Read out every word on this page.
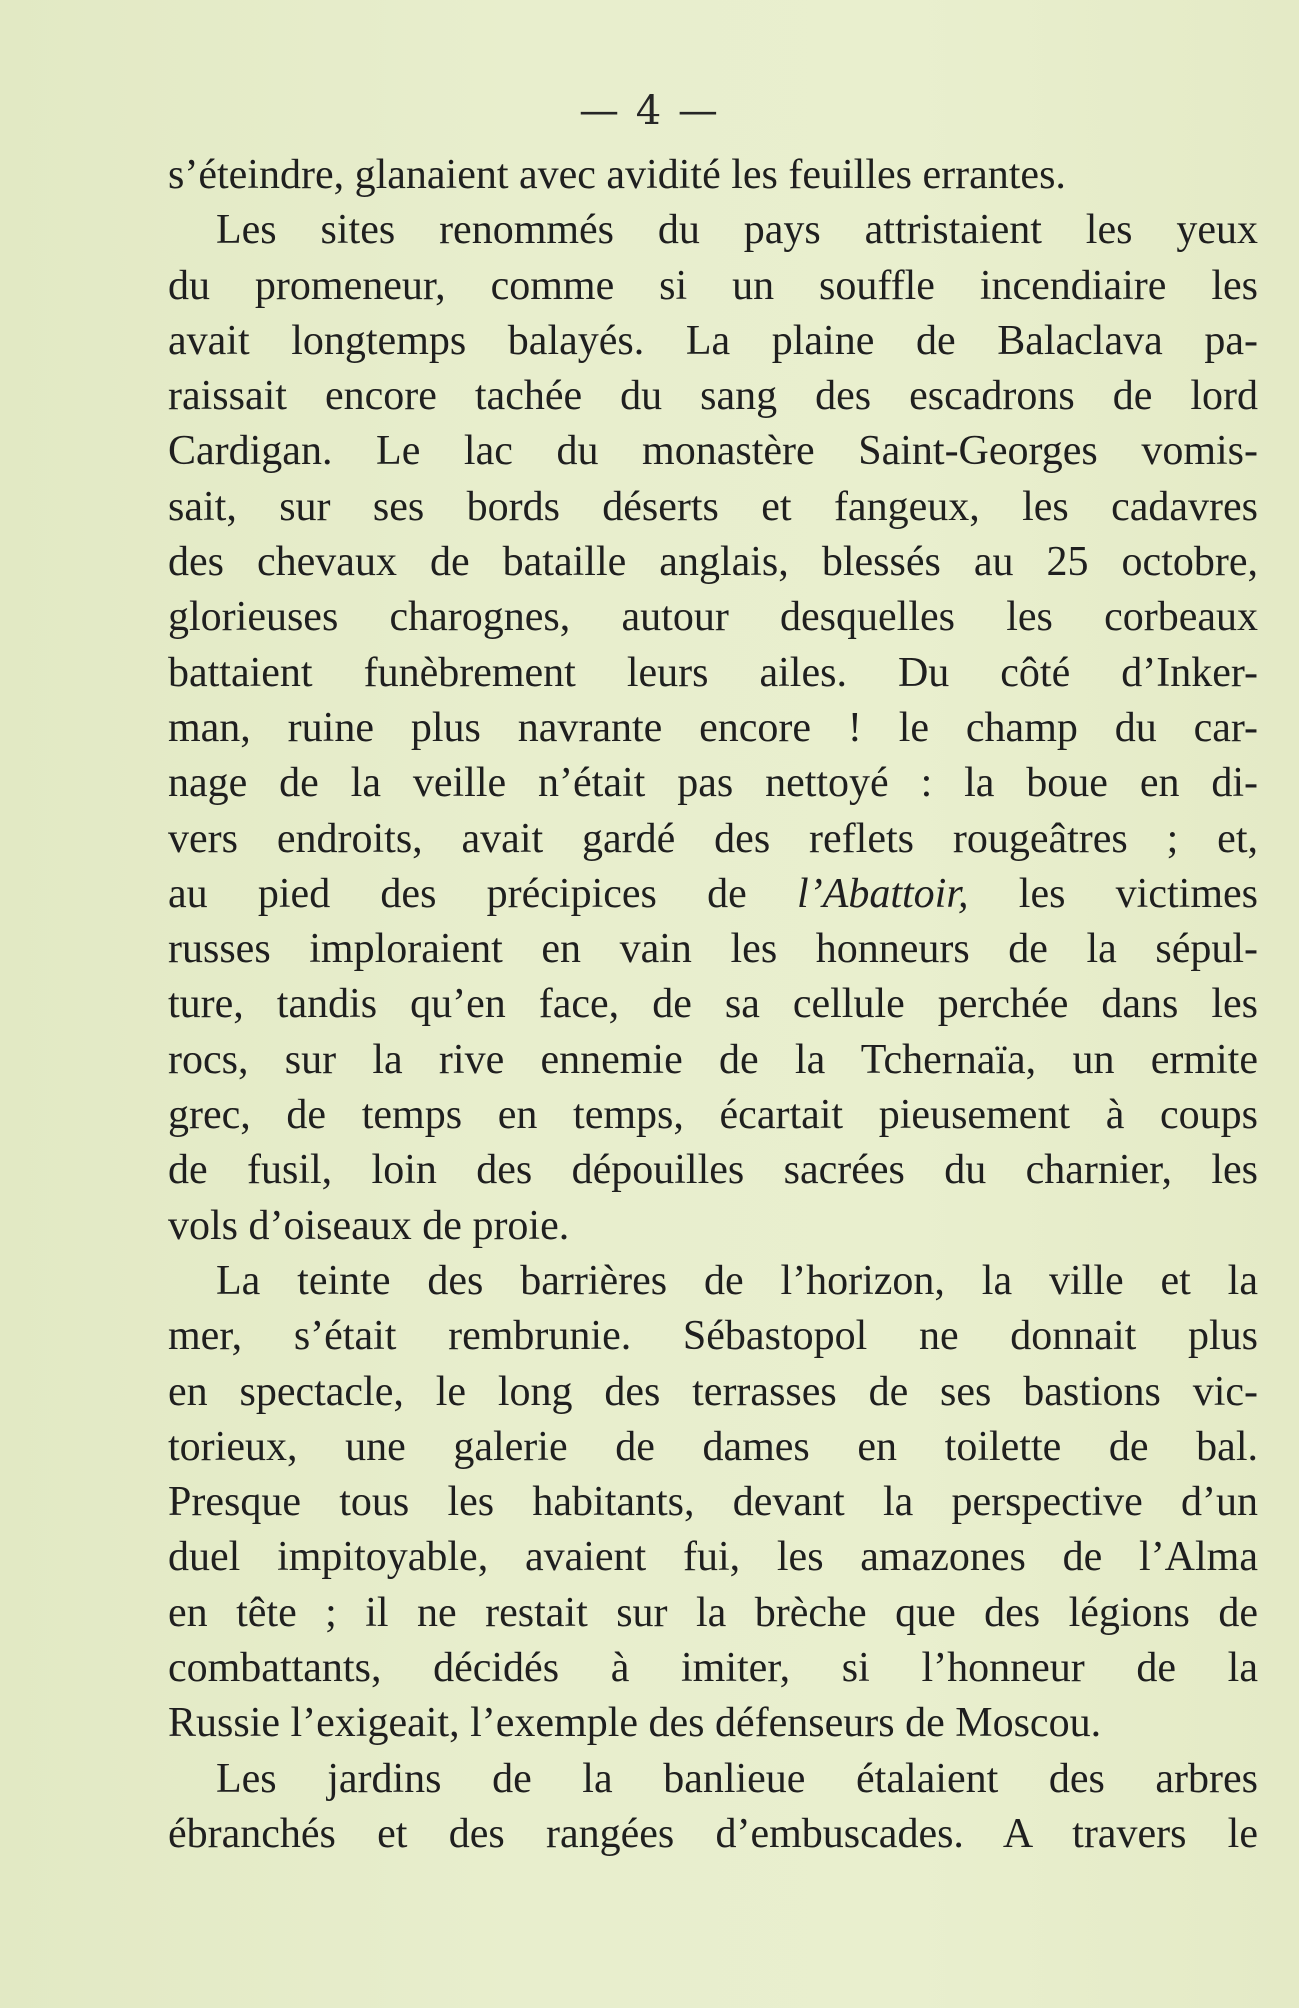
— 4 —
s’éteindre, glanaient avec avidité les feuilles errantes.
Les sites renommés du pays attristaient les yeux
du promeneur, comme si un souffle incendiaire les
avait longtemps balayés. La plaine de Balaclava pa-
raissait encore tachée du sang des escadrons de lord
Cardigan. Le lac du monastère Saint-Georges vomis-
sait, sur ses bords déserts et fangeux, les cadavres
des chevaux de bataille anglais, blessés au 25 octobre,
glorieuses charognes, autour desquelles les corbeaux
battaient funèbrement leurs ailes. Du côté d’Inker-
man, ruine plus navrante encore ! le champ du car-
nage de la veille n’était pas nettoyé : la boue en di-
vers endroits, avait gardé des reflets rougeâtres ; et,
au pied des précipices de l’Abattoir, les victimes
russes imploraient en vain les honneurs de la sépul-
ture, tandis qu’en face, de sa cellule perchée dans les
rocs, sur la rive ennemie de la Tchernaïa, un ermite
grec, de temps en temps, écartait pieusement à coups
de fusil, loin des dépouilles sacrées du charnier, les
vols d’oiseaux de proie.
La teinte des barrières de l’horizon, la ville et la
mer, s’était rembrunie. Sébastopol ne donnait plus
en spectacle, le long des terrasses de ses bastions vic-
torieux, une galerie de dames en toilette de bal.
Presque tous les habitants, devant la perspective d’un
duel impitoyable, avaient fui, les amazones de l’Alma
en tête ; il ne restait sur la brèche que des légions de
combattants, décidés à imiter, si l’honneur de la
Russie l’exigeait, l’exemple des défenseurs de Moscou.
Les jardins de la banlieue étalaient des arbres
ébranchés et des rangées d’embuscades. A travers le
